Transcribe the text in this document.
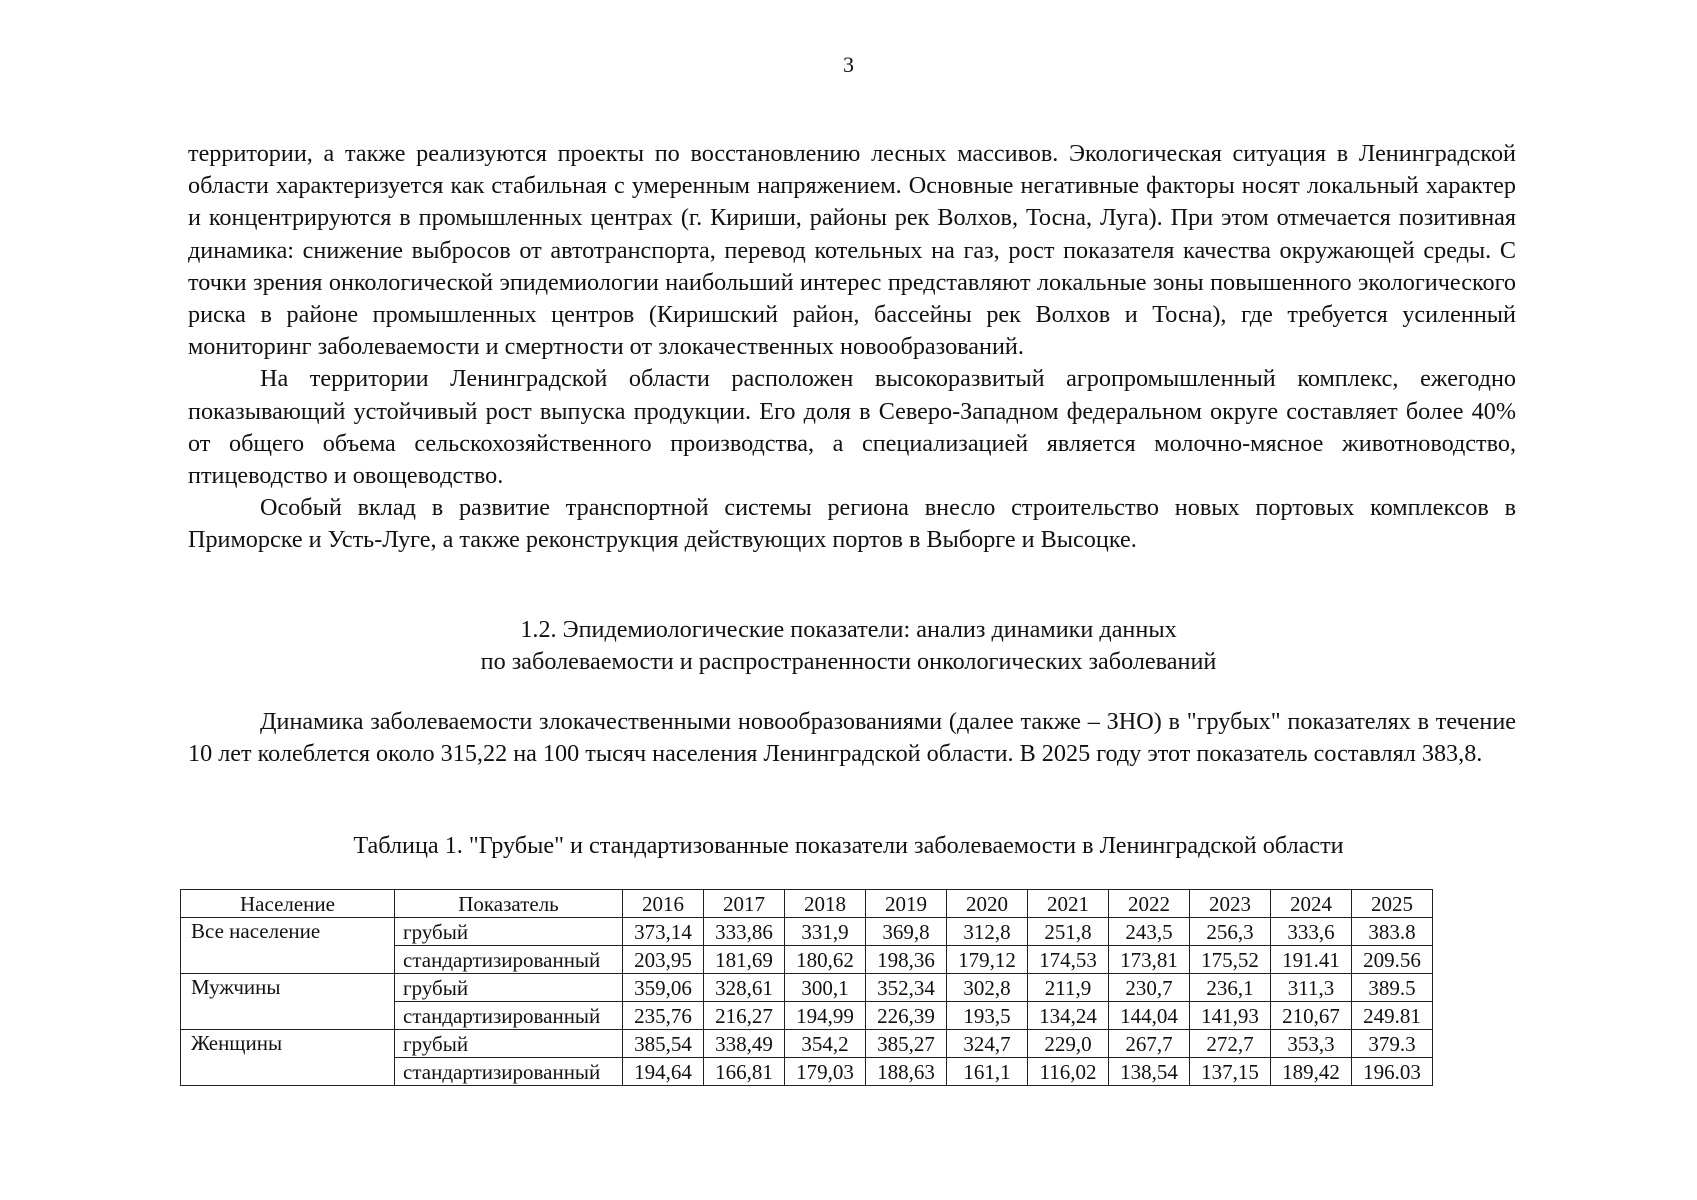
3

территории, а также реализуются проекты по восстановлению лесных массивов. Экологическая ситуация в Ленинградской области характеризуется как стабильная с умеренным напряжением. Основные негативные факторы носят локальный характер и концентрируются в промышленных центрах (г. Кириши, районы рек Волхов, Тосна, Луга). При этом отмечается позитивная динамика: снижение выбросов от автотранспорта, перевод котельных на газ, рост показателя качества окружающей среды. С точки зрения онкологической эпидемиологии наибольший интерес представляют локальные зоны повышенного экологического риска в районе промышленных центров (Киришский район, бассейны рек Волхов и Тосна), где требуется усиленный мониторинг заболеваемости и смертности от злокачественных новообразований.

На территории Ленинградской области расположен высокоразвитый агропромышленный комплекс, ежегодно показывающий устойчивый рост выпуска продукции. Его доля в Северо-Западном федеральном округе составляет более 40% от общего объема сельскохозяйственного производства, а специализацией является молочно-мясное животноводство, птицеводство и овощеводство.

Особый вклад в развитие транспортной системы региона внесло строительство новых портовых комплексов в Приморске и Усть-Луге, а также реконструкция действующих портов в Выборге и Высоцке.

1.2. Эпидемиологические показатели: анализ динамики данных
по заболеваемости и распространенности онкологических заболеваний

Динамика заболеваемости злокачественными новообразованиями (далее также – ЗНО) в "грубых" показателях в течение 10 лет колеблется около 315,22 на 100 тысяч населения Ленинградской области. В 2025 году этот показатель составлял 383,8.

Таблица 1. "Грубые" и стандартизованные показатели заболеваемости в Ленинградской области
Население	Показатель	2016	2017	2018	2019	2020	2021	2022	2023	2024	2025
Все население	грубый	373,14	333,86	331,9	369,8	312,8	251,8	243,5	256,3	333,6	383.8
	стандартизированный	203,95	181,69	180,62	198,36	179,12	174,53	173,81	175,52	191.41	209.56
Мужчины	грубый	359,06	328,61	300,1	352,34	302,8	211,9	230,7	236,1	311,3	389.5
	стандартизированный	235,76	216,27	194,99	226,39	193,5	134,24	144,04	141,93	210,67	249.81
Женщины	грубый	385,54	338,49	354,2	385,27	324,7	229,0	267,7	272,7	353,3	379.3
	стандартизированный	194,64	166,81	179,03	188,63	161,1	116,02	138,54	137,15	189,42	196.03
